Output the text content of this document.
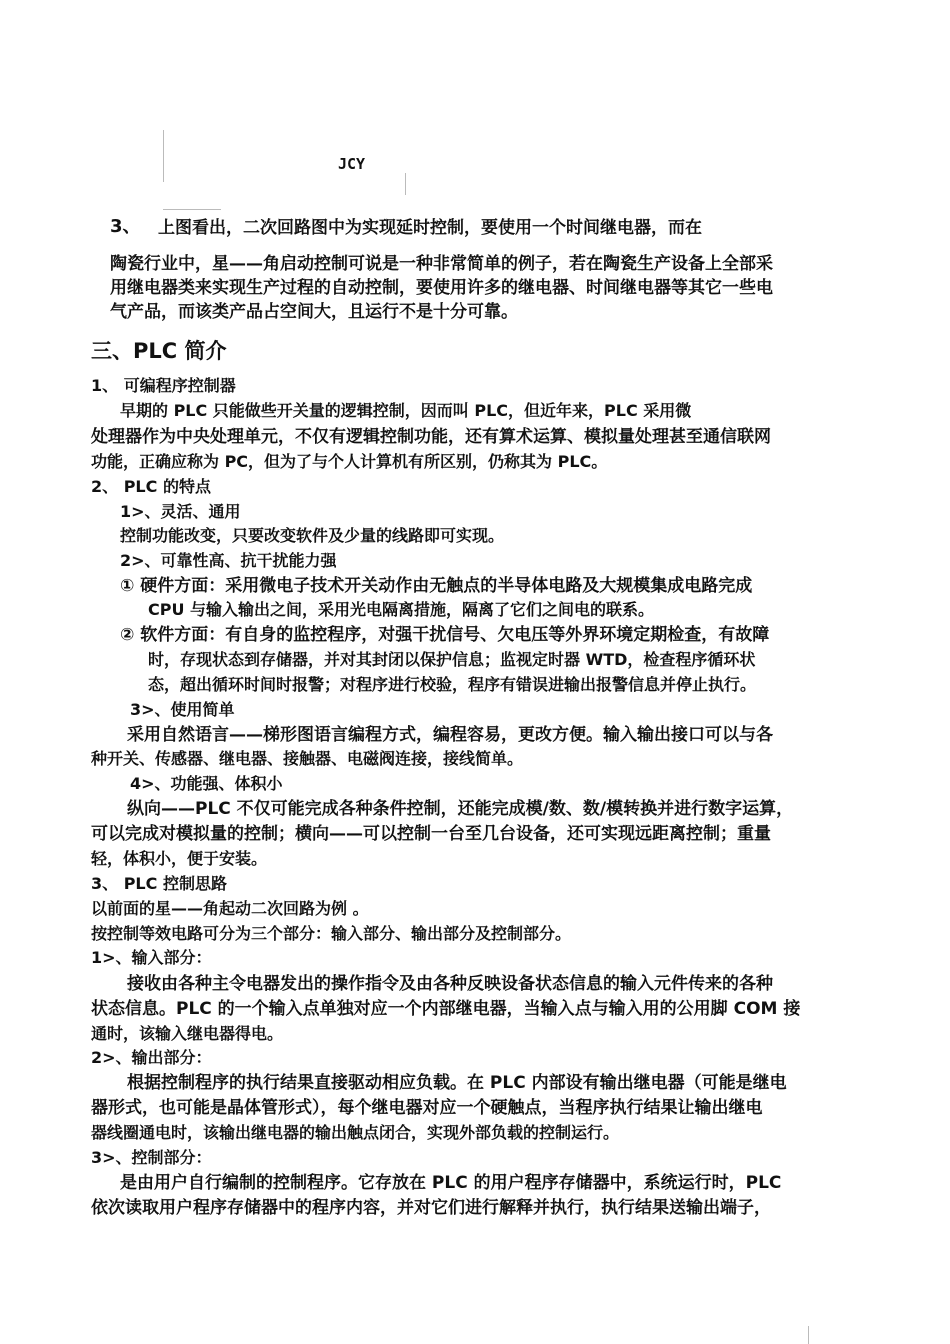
JCY
3、 上图看出，二次回路图中为实现延时控制，要使用一个时间继电器，而在
陶瓷行业中，星——角启动控制可说是一种非常简单的例子，若在陶瓷生产设备上全部采
用继电器类来实现生产过程的自动控制，要使用许多的继电器、时间继电器等其它一些电
气产品，而该类产品占空间大，且运行不是十分可靠。
三、PLC 简介
1、 可编程序控制器
早期的 PLC 只能做些开关量的逻辑控制，因而叫 PLC，但近年来，PLC 采用微
处理器作为中央处理单元，不仅有逻辑控制功能，还有算术运算、模拟量处理甚至通信联网
功能，正确应称为 PC，但为了与个人计算机有所区别，仍称其为 PLC。
2、 PLC 的特点
1>、灵活、通用
控制功能改变，只要改变软件及少量的线路即可实现。
2>、可靠性高、抗干扰能力强
① 硬件方面：采用微电子技术开关动作由无触点的半导体电路及大规模集成电路完成
CPU 与输入输出之间，采用光电隔离措施，隔离了它们之间电的联系。
② 软件方面：有自身的监控程序，对强干扰信号、欠电压等外界环境定期检查，有故障
时，存现状态到存储器，并对其封闭以保护信息；监视定时器 WTD，检查程序循环状
态，超出循环时间时报警；对程序进行校验，程序有错误进输出报警信息并停止执行。
3>、使用简单
采用自然语言——梯形图语言编程方式，编程容易，更改方便。输入输出接口可以与各
种开关、传感器、继电器、接触器、电磁阀连接，接线简单。
4>、功能强、体积小
纵向——PLC 不仅可能完成各种条件控制，还能完成模/数、数/模转换并进行数字运算，
可以完成对模拟量的控制；横向——可以控制一台至几台设备，还可实现远距离控制；重量
轻，体积小，便于安装。
3、 PLC 控制思路
以前面的星——角起动二次回路为例 。
按控制等效电路可分为三个部分：输入部分、输出部分及控制部分。
1>、输入部分：
接收由各种主令电器发出的操作指令及由各种反映设备状态信息的输入元件传来的各种
状态信息。PLC 的一个输入点单独对应一个内部继电器，当输入点与输入用的公用脚 COM 接
通时，该输入继电器得电。
2>、输出部分：
根据控制程序的执行结果直接驱动相应负载。在 PLC 内部设有输出继电器（可能是继电
器形式，也可能是晶体管形式），每个继电器对应一个硬触点，当程序执行结果让输出继电
器线圈通电时，该输出继电器的输出触点闭合，实现外部负载的控制运行。
3>、控制部分：
是由用户自行编制的控制程序。它存放在 PLC 的用户程序存储器中，系统运行时，PLC
依次读取用户程序存储器中的程序内容，并对它们进行解释并执行，执行结果送输出端子，
